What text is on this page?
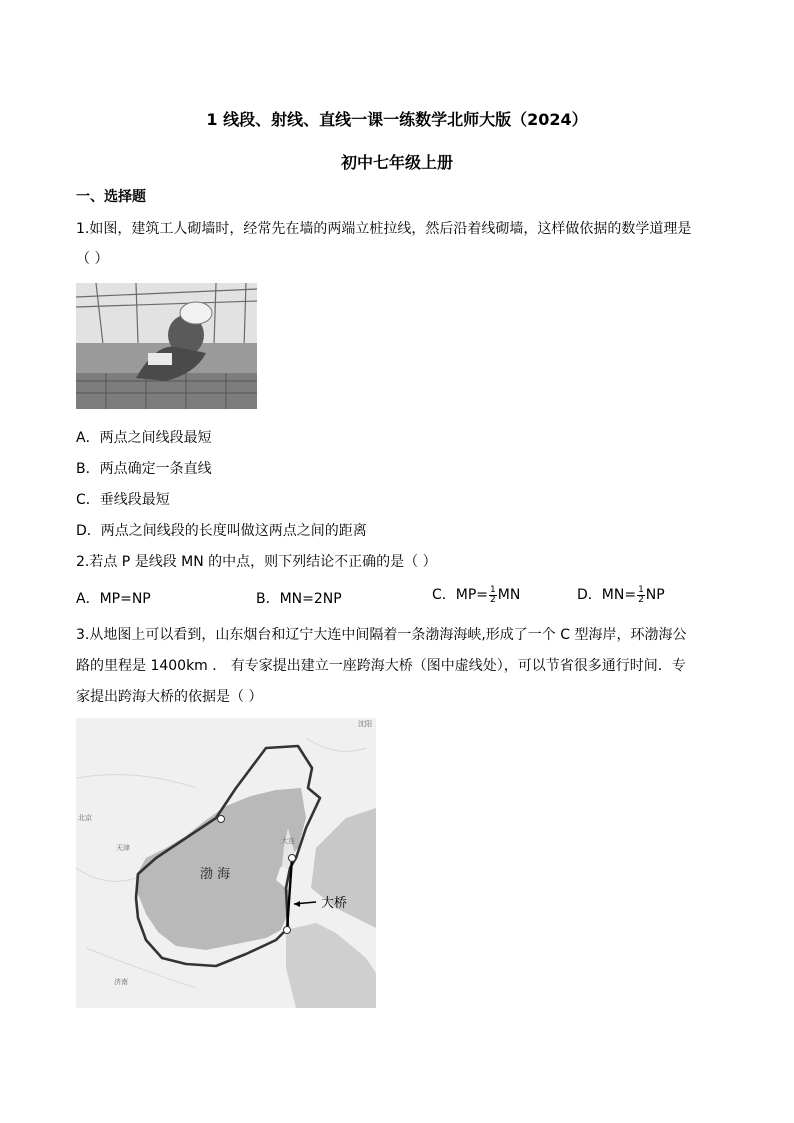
1 线段、射线、直线一课一练数学北师大版（2024）
初中七年级上册
一、选择题
1.如图，建筑工人砌墙时，经常先在墙的两端立桩拉线，然后沿着线砌墙，这样做依据的数学道理是
（ ）
A．两点之间线段最短
B．两点确定一条直线
C．垂线段最短
D．两点之间线段的长度叫做这两点之间的距离
2.若点 P 是线段 MN 的中点，则下列结论不正确的是（ ）
A．MP=NP	B．MN=2NP	C．$MP= \frac{1}{2}$ MN	D．$MN= \frac{1}{2}$ NP
3.从地图上可以看到，山东烟台和辽宁大连中间隔着一条渤海海峡,形成了一个 C 型海岸，环渤海公
路的里程是 1400km ． 有专家提出建立一座跨海大桥（图中虚线处），可以节省很多通行时间．专
家提出跨海大桥的依据是（ ）
渤 海
大桥
北京
天津
沈阳
济南
大连
